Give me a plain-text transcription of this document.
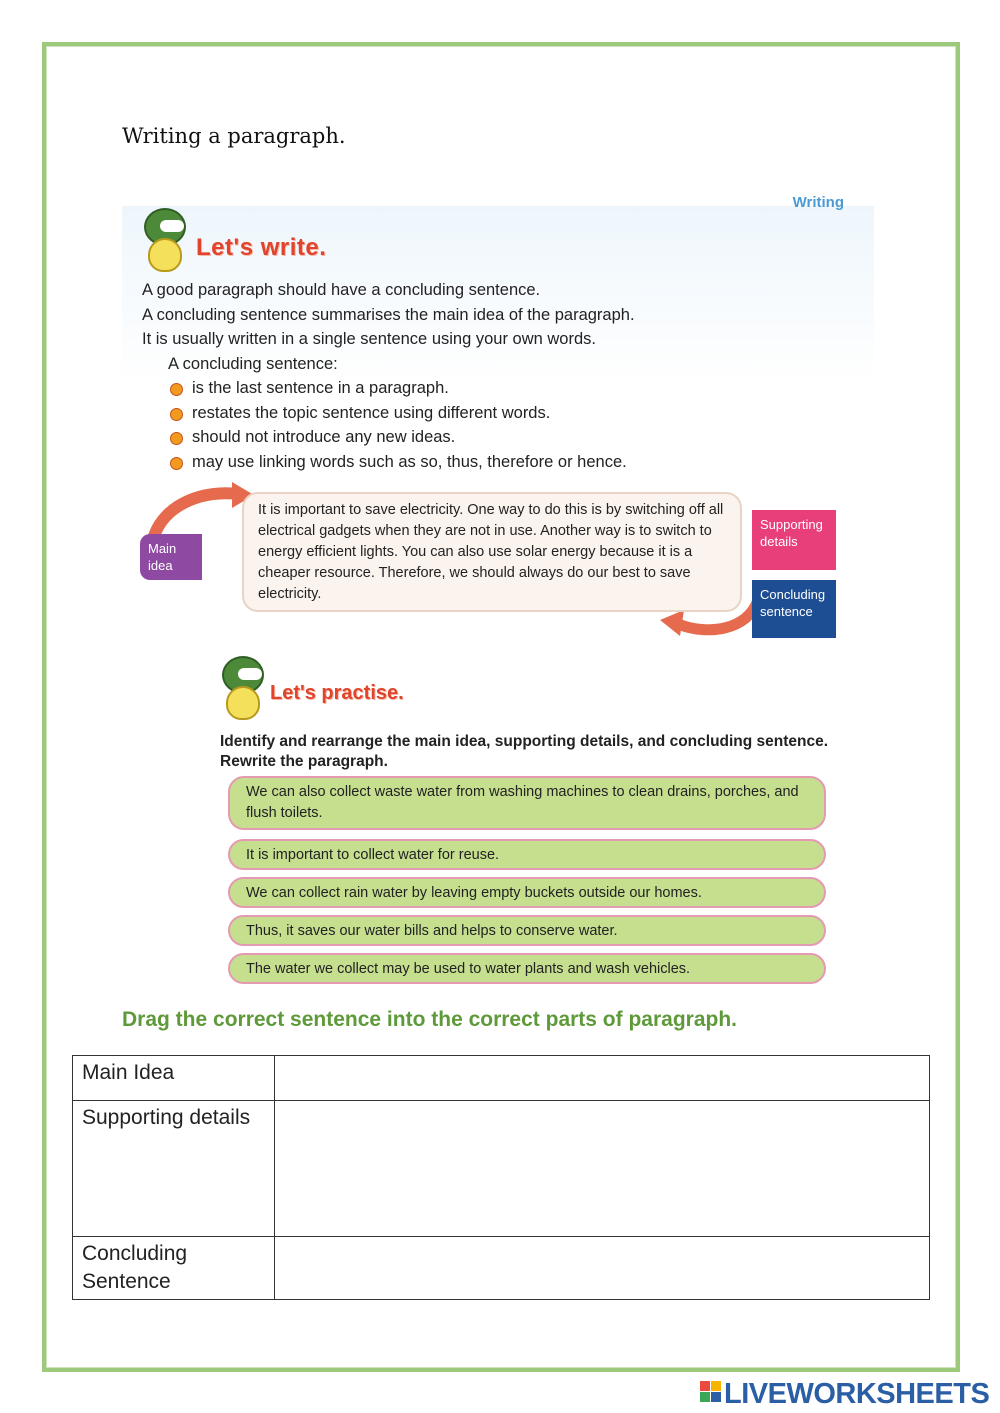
Writing a paragraph.
Writing
Let's write.
A good paragraph should have a concluding sentence.
A concluding sentence summarises the main idea of the paragraph.
It is usually written in a single sentence using your own words.
A concluding sentence:
is the last sentence in a paragraph.
restates the topic sentence using different words.
should not introduce any new ideas.
may use linking words such as so, thus, therefore or hence.
It is important to save electricity. One way to do this is by switching off all electrical gadgets when they are not in use. Another way is to switch to energy efficient lights. You can also use solar energy because it is a cheaper resource. Therefore, we should always do our best to save electricity.
Main idea
Supporting details
Concluding sentence
Let's practise.
Identify and rearrange the main idea, supporting details, and concluding sentence. Rewrite the paragraph.
We can also collect waste water from washing machines to clean drains, porches, and flush toilets.
It is important to collect water for reuse.
We can collect rain water by leaving empty buckets outside our homes.
Thus, it saves our water bills and helps to conserve water.
The water we collect may be used to water plants and wash vehicles.
Drag the correct sentence into the correct parts of paragraph.
Main Idea	
Supporting details	
Concluding Sentence	
LIVEWORKSHEETS
